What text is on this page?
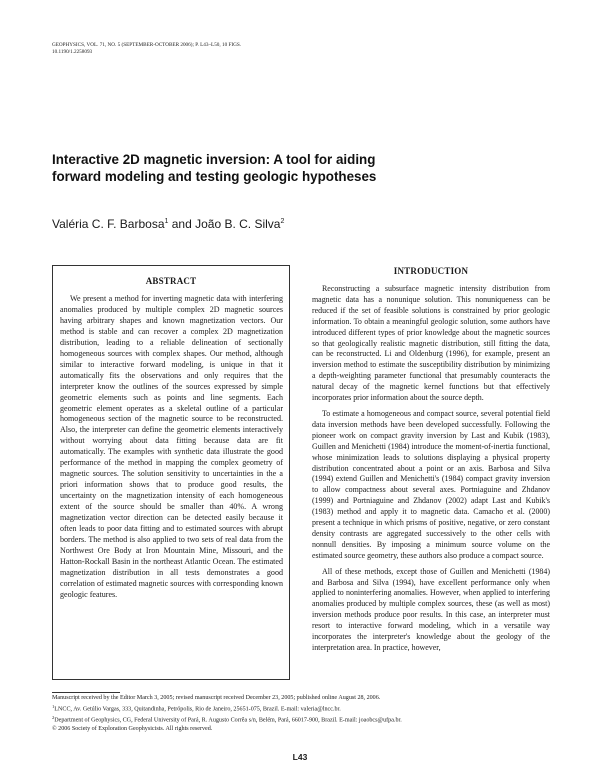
GEOPHYSICS, VOL. 71, NO. 5 (SEPTEMBER-OCTOBER 2006); P. L43–L50, 10 FIGS.
10.1190/1.2258093
Interactive 2D magnetic inversion: A tool for aiding
forward modeling and testing geologic hypotheses
Valéria C. F. Barbosa$^1$ and João B. C. Silva$^2$
ABSTRACT
We present a method for inverting magnetic data with interfering anomalies produced by multiple complex 2D magnetic sources having arbitrary shapes and known magnetization vectors. Our method is stable and can recover a complex 2D magnetization distribution, leading to a reliable delineation of sectionally homogeneous sources with complex shapes. Our method, although similar to interactive forward modeling, is unique in that it automatically fits the observations and only requires that the interpreter know the outlines of the sources expressed by simple geometric elements such as points and line segments. Each geometric element operates as a skeletal outline of a particular homogeneous section of the magnetic source to be reconstructed. Also, the interpreter can define the geometric elements interactively without worrying about data fitting because data are fit automatically. The examples with synthetic data illustrate the good performance of the method in mapping the complex geometry of magnetic sources. The solution sensitivity to uncertainties in the a priori information shows that to produce good results, the uncertainty on the magnetization intensity of each homogeneous extent of the source should be smaller than 40%. A wrong magnetization vector direction can be detected easily because it often leads to poor data fitting and to estimated sources with abrupt borders. The method is also applied to two sets of real data from the Northwest Ore Body at Iron Mountain Mine, Missouri, and the Hatton-Rockall Basin in the northeast Atlantic Ocean. The estimated magnetization distribution in all tests demonstrates a good correlation of estimated magnetic sources with corresponding known geologic features.
INTRODUCTION

Reconstructing a subsurface magnetic intensity distribution from magnetic data has a nonunique solution. This nonuniqueness can be reduced if the set of feasible solutions is constrained by prior geologic information. To obtain a meaningful geologic solution, some authors have introduced different types of prior knowledge about the magnetic sources so that geologically realistic magnetic distribution, still fitting the data, can be reconstructed. Li and Oldenburg (1996), for example, present an inversion method to estimate the susceptibility distribution by minimizing a depth-weighting parameter functional that presumably counteracts the natural decay of the magnetic kernel functions but that effectively incorporates prior information about the source depth.

To estimate a homogeneous and compact source, several potential field data inversion methods have been developed successfully. Following the pioneer work on compact gravity inversion by Last and Kubik (1983), Guillen and Menichetti (1984) introduce the moment-of-inertia functional, whose minimization leads to solutions displaying a physical property distribution concentrated about a point or an axis. Barbosa and Silva (1994) extend Guillen and Menichetti's (1984) compact gravity inversion to allow compactness about several axes. Portniaguine and Zhdanov (1999) and Portniaguine and Zhdanov (2002) adapt Last and Kubik's (1983) method and apply it to magnetic data. Camacho et al. (2000) present a technique in which prisms of positive, negative, or zero constant density contrasts are aggregated successively to the other cells with nonnull densities. By imposing a minimum source volume on the estimated source geometry, these authors also produce a compact source.

All of these methods, except those of Guillen and Menichetti (1984) and Barbosa and Silva (1994), have excellent performance only when applied to noninterfering anomalies. However, when applied to interfering anomalies produced by multiple complex sources, these (as well as most) inversion methods produce poor results. In this case, an interpreter must resort to interactive forward modeling, which in a versatile way incorporates the interpreter's knowledge about the geology of the interpretation area. In practice, however,

Manuscript received by the Editor March 3, 2005; revised manuscript received December 23, 2005; published online August 28, 2006.
$^1$LNCC, Av. Getúlio Vargas, 333, Quitandinha, Petrópolis, Rio de Janeiro, 25651-075, Brazil. E-mail: valeria@lncc.br.
$^2$Department of Geophysics, CG, Federal University of Pará, R. Augusto Corrêa s/n, Belém, Pará, 66017-900, Brazil. E-mail: joaobcs@ufpa.br.
© 2006 Society of Exploration Geophysicists. All rights reserved.
L43
